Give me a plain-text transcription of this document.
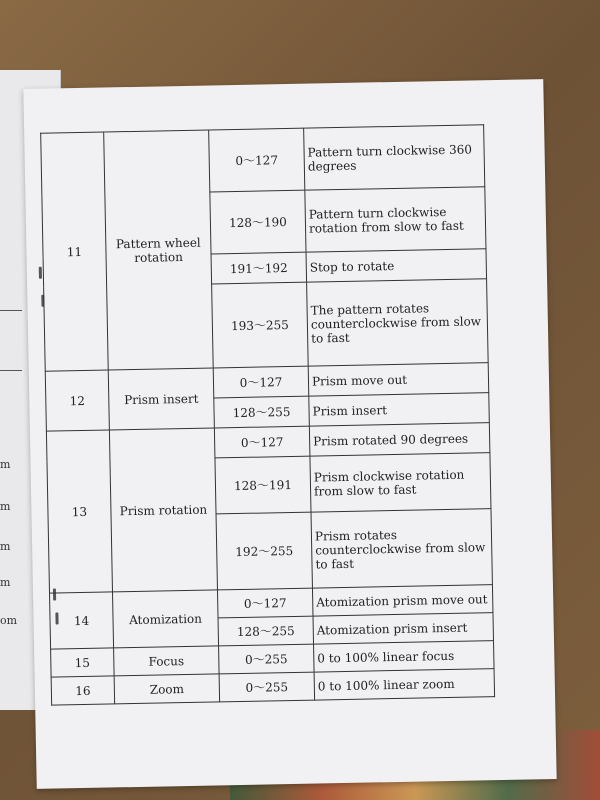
m
m
m
m
om
11	Pattern wheel rotation	0～127	Pattern turn clockwise 360 degrees
		128～190	Pattern turn clockwise rotation from slow to fast
		191～192	Stop to rotate
		193～255	The pattern rotates counterclockwise from slow to fast
12	Prism insert	0～127	Prism move out
		128～255	Prism insert
13	Prism rotation	0～127	Prism rotated 90 degrees
		128～191	Prism clockwise rotation from slow to fast
		192～255	Prism rotates counterclockwise from slow to fast
14	Atomization	0～127	Atomization prism move out
		128～255	Atomization prism insert
15	Focus	0～255	0 to 100% linear focus
16	Zoom	0～255	0 to 100% linear zoom
